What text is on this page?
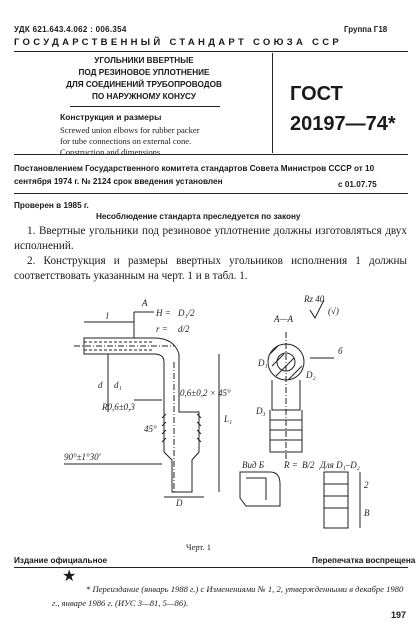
УДК 621.643.4.062 : 006.354	Группа Г18
ГОСУДАРСТВЕННЫЙ СТАНДАРТ СОЮЗА ССР
УГОЛЬНИКИ ВВЕРТНЫЕ
ПОД РЕЗИНОВОЕ УПЛОТНЕНИЕ
ДЛЯ СОЕДИНЕНИЙ ТРУБОПРОВОДОВ
ПО НАРУЖНОМУ КОНУСУ
Конструкция и размеры
Screwed union elbows for rubber packer
for tube connections on external cone.
Construction and dimensions
ГОСТ
20197—74*
Постановлением Государственного комитета стандартов Совета Министров СССР от 10 сентября 1974 г. № 2124 срок введения установлен	с 01.07.75
Проверен в 1985 г.
Несоблюдение стандарта преследуется по закону
1. Ввертные угольники под резиновое уплотнение должны изготовляться двух исполнений.
2. Конструкция и размеры ввертных угольников исполнения 1 должны соответствовать указанным на черт. 1 и в табл. 1.
А
l	H = D₁/2
r = d/2
d d₁
L₁
R0,6±0,3
0,6±0,2 × 45°
45°
90°±1°30'
D
А—А
Rz 40
(√)
б
D₁
D₂
D₃
Вид Б R = В/2 Для D₁–D₂
2
В
Черт. 1
Издание официальное	Перепечатка воспрещена
★
* Переиздание (январь 1988 г.) с Изменениями № 1, 2, утвержденными в декабре 1980 г., январе 1986 г. (ИУС 3—81, 5—86).
197
